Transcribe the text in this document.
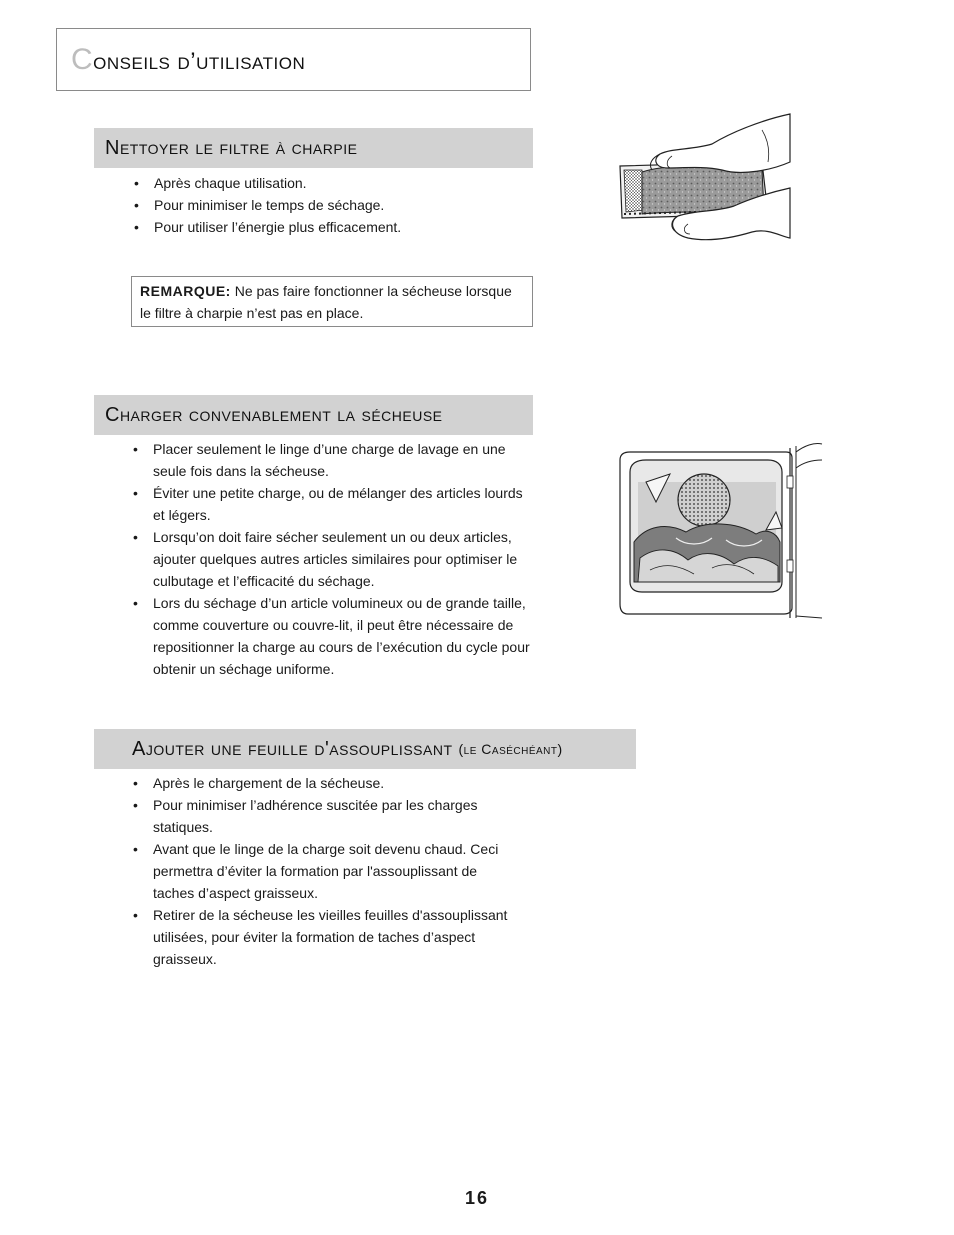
Conseils d’utilisation
Nettoyer le filtre à charpie
• Après chaque utilisation.
• Pour minimiser le temps de séchage.
• Pour utiliser l’énergie plus efficacement.
REMARQUE: Ne pas faire fonctionner la sécheuse lorsque le filtre à charpie n’est pas en place.
Charger convenablement la sécheuse
• Placer seulement le linge d’une charge de lavage en une seule fois dans la sécheuse.
• Éviter une petite charge, ou de mélanger des articles lourds et légers.
• Lorsqu’on doit faire sécher seulement un ou deux articles, ajouter quelques autres articles similaires pour optimiser le culbutage et l’efficacité du séchage.
• Lors du séchage d’un article volumineux ou de grande taille, comme couverture ou couvre-lit, il peut être nécessaire de repositionner la charge au cours de l’exécution du cycle pour obtenir un séchage uniforme.
Ajouter une feuille d'assouplissant (le Caséchéant)
• Après le chargement de la sécheuse.
• Pour minimiser l’adhérence suscitée par les charges statiques.
• Avant que le linge de la charge soit devenu chaud. Ceci permettra d’éviter la formation par l'assouplissant de taches d’aspect graisseux.
• Retirer de la sécheuse les vieilles feuilles d'assouplissant utilisées, pour éviter la formation de taches d’aspect graisseux.
16
